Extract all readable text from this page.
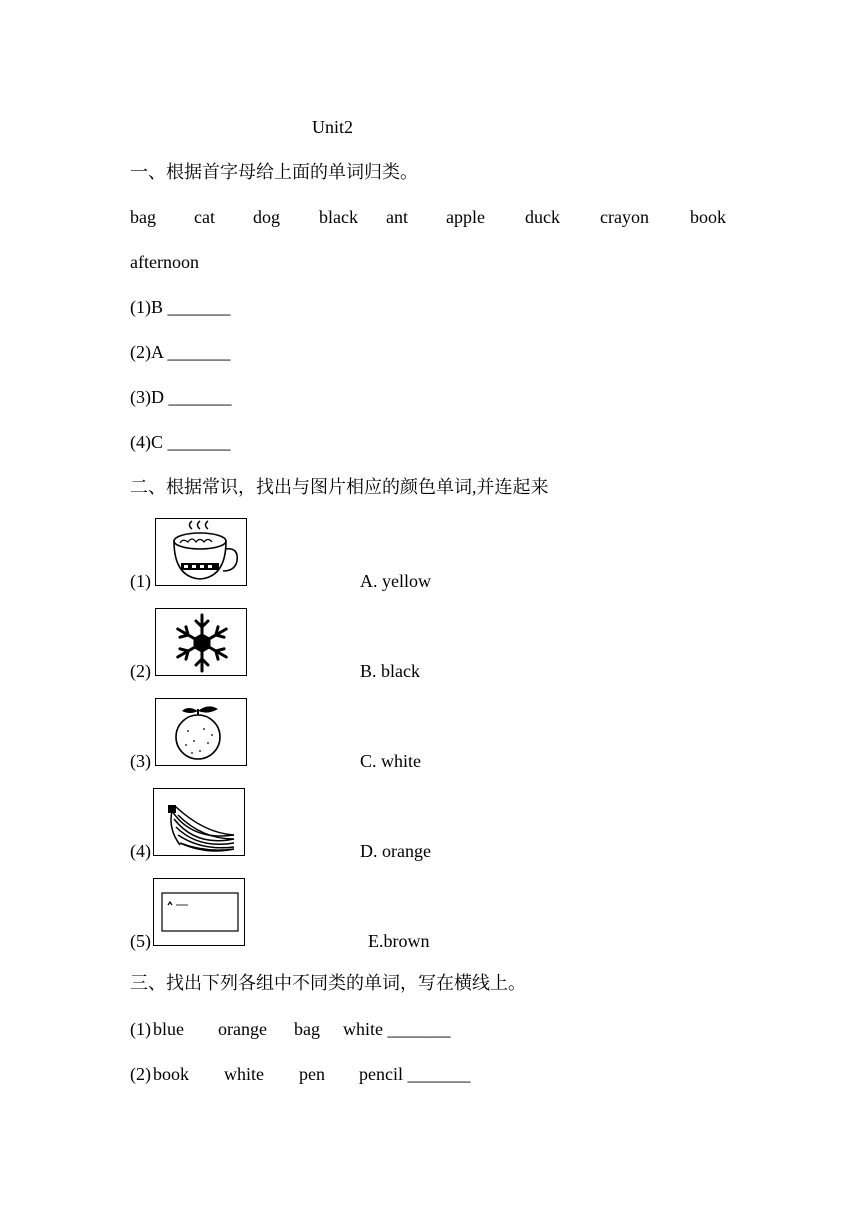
Unit2
一、根据首字母给上面的单词归类。
bag cat dog black ant apple duck crayon book
afternoon
(1)B _______
(2)A _______
(3)D _______
(4)C _______
二、根据常识，找出与图片相应的颜色单词,并连起来
(1)	A. yellow
(2)	B. black
(3)	C. white
(4)	D. orange
(5)	E.brown
三、找出下列各组中不同类的单词，写在横线上。
(1) blue orange bag white _______
(2) book white pen pencil _______
